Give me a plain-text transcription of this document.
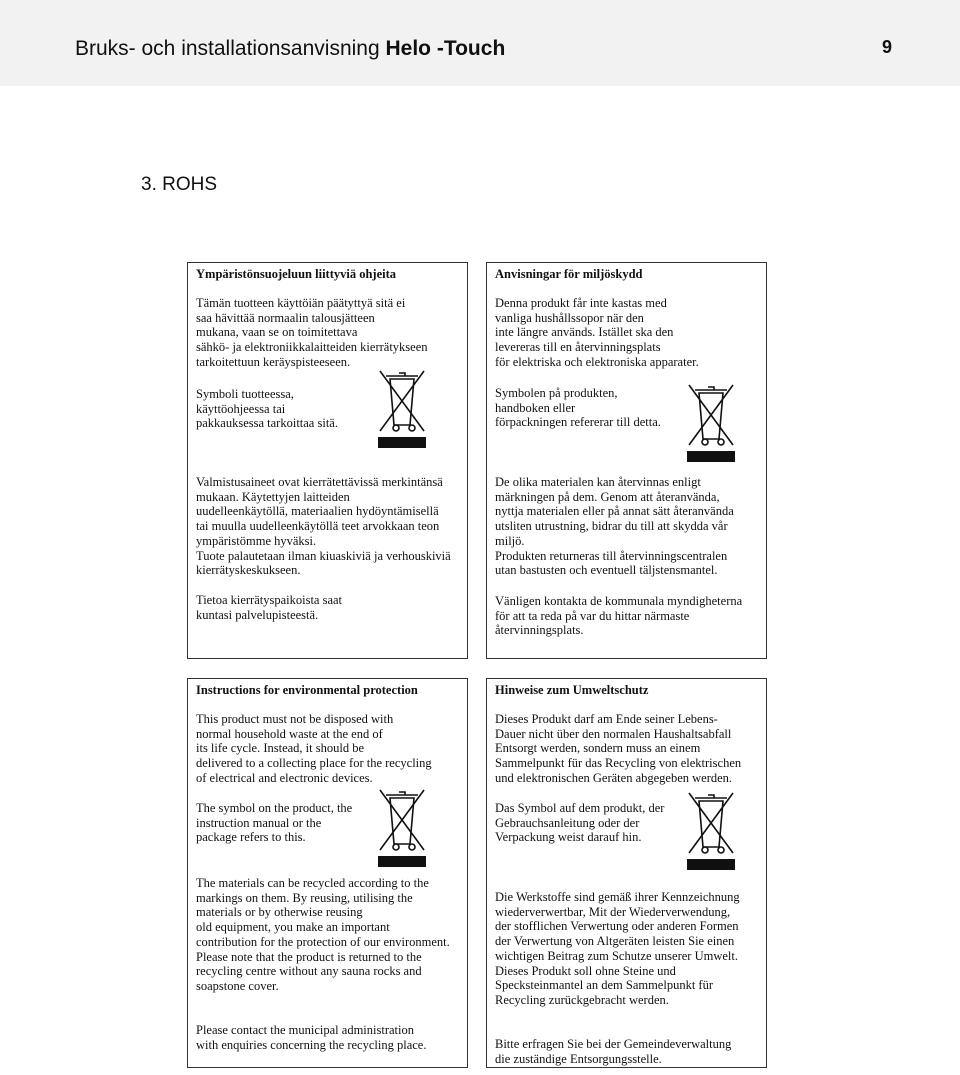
Bruks- och installationsanvisning Helo -Touch	9
3. ROHS
Ympäristönsuojeluun liittyviä ohjeita
Tämän tuotteen käyttöiän päätyttyä sitä ei
saa hävittää normaalin talousjätteen
mukana, vaan se on toimitettava
sähkö- ja elektroniikkalaitteiden kierrätykseen
tarkoitettuun keräyspisteeseen.
Symboli tuotteessa,
käyttöohjeessa tai
pakkauksessa tarkoittaa sitä.
Valmistusaineet ovat kierrätettävissä merkintänsä
mukaan. Käytettyjen laitteiden
uudelleenkäytöllä, materiaalien hydöyntämisellä
tai muulla uudelleenkäytöllä teet arvokkaan teon
ympäristömme hyväksi.
Tuote palautetaan ilman kiuaskiviä ja verhouskiviä
kierrätyskeskukseen.
Tietoa kierrätyspaikoista saat
kuntasi palvelupisteestä.
Anvisningar för miljöskydd
Denna produkt får inte kastas med
vanliga hushållssopor när den
inte längre används. Istället ska den
levereras till en återvinningsplats
för elektriska och elektroniska apparater.
Symbolen på produkten,
handboken eller
förpackningen refererar till detta.
De olika materialen kan återvinnas enligt
märkningen på dem. Genom att återanvända,
nyttja materialen eller på annat sätt återanvända
utsliten utrustning, bidrar du till att skydda vår
miljö.
Produkten returneras till återvinningscentralen
utan bastusten och eventuell täljstensmantel.
Vänligen kontakta de kommunala myndigheterna
för att ta reda på var du hittar närmaste
återvinningsplats.
Instructions for environmental protection
This product must not be disposed with
normal household waste at the end of
its life cycle. Instead, it should be
delivered to a collecting place for the recycling
of electrical and electronic devices.
The symbol on the product, the
instruction manual or the
package refers to this.
The materials can be recycled according to the
markings on them. By reusing, utilising the
materials or by otherwise reusing
old equipment, you make an important
contribution for the protection of our environment.
Please note that the product is returned to the
recycling centre without any sauna rocks and
soapstone cover.
Please contact the municipal administration
with enquiries concerning the recycling place.
Hinweise zum Umweltschutz
Dieses Produkt darf am Ende seiner Lebens-
Dauer nicht über den normalen Haushaltsabfall
Entsorgt werden, sondern muss an einem
Sammelpunkt für das Recycling von elektrischen
und elektronischen Geräten abgegeben werden.
Das Symbol auf dem produkt, der
Gebrauchsanleitung oder der
Verpackung weist darauf hin.
Die Werkstoffe sind gemäß ihrer Kennzeichnung
wiederverwertbar, Mit der Wiederverwendung,
der stofflichen Verwertung oder anderen Formen
der Verwertung von Altgeräten leisten Sie einen
wichtigen Beitrag zum Schutze unserer Umwelt.
Dieses Produkt soll ohne Steine und
Specksteinmantel an dem Sammelpunkt für
Recycling zurückgebracht werden.
Bitte erfragen Sie bei der Gemeindeverwaltung
die zuständige Entsorgungsstelle.
